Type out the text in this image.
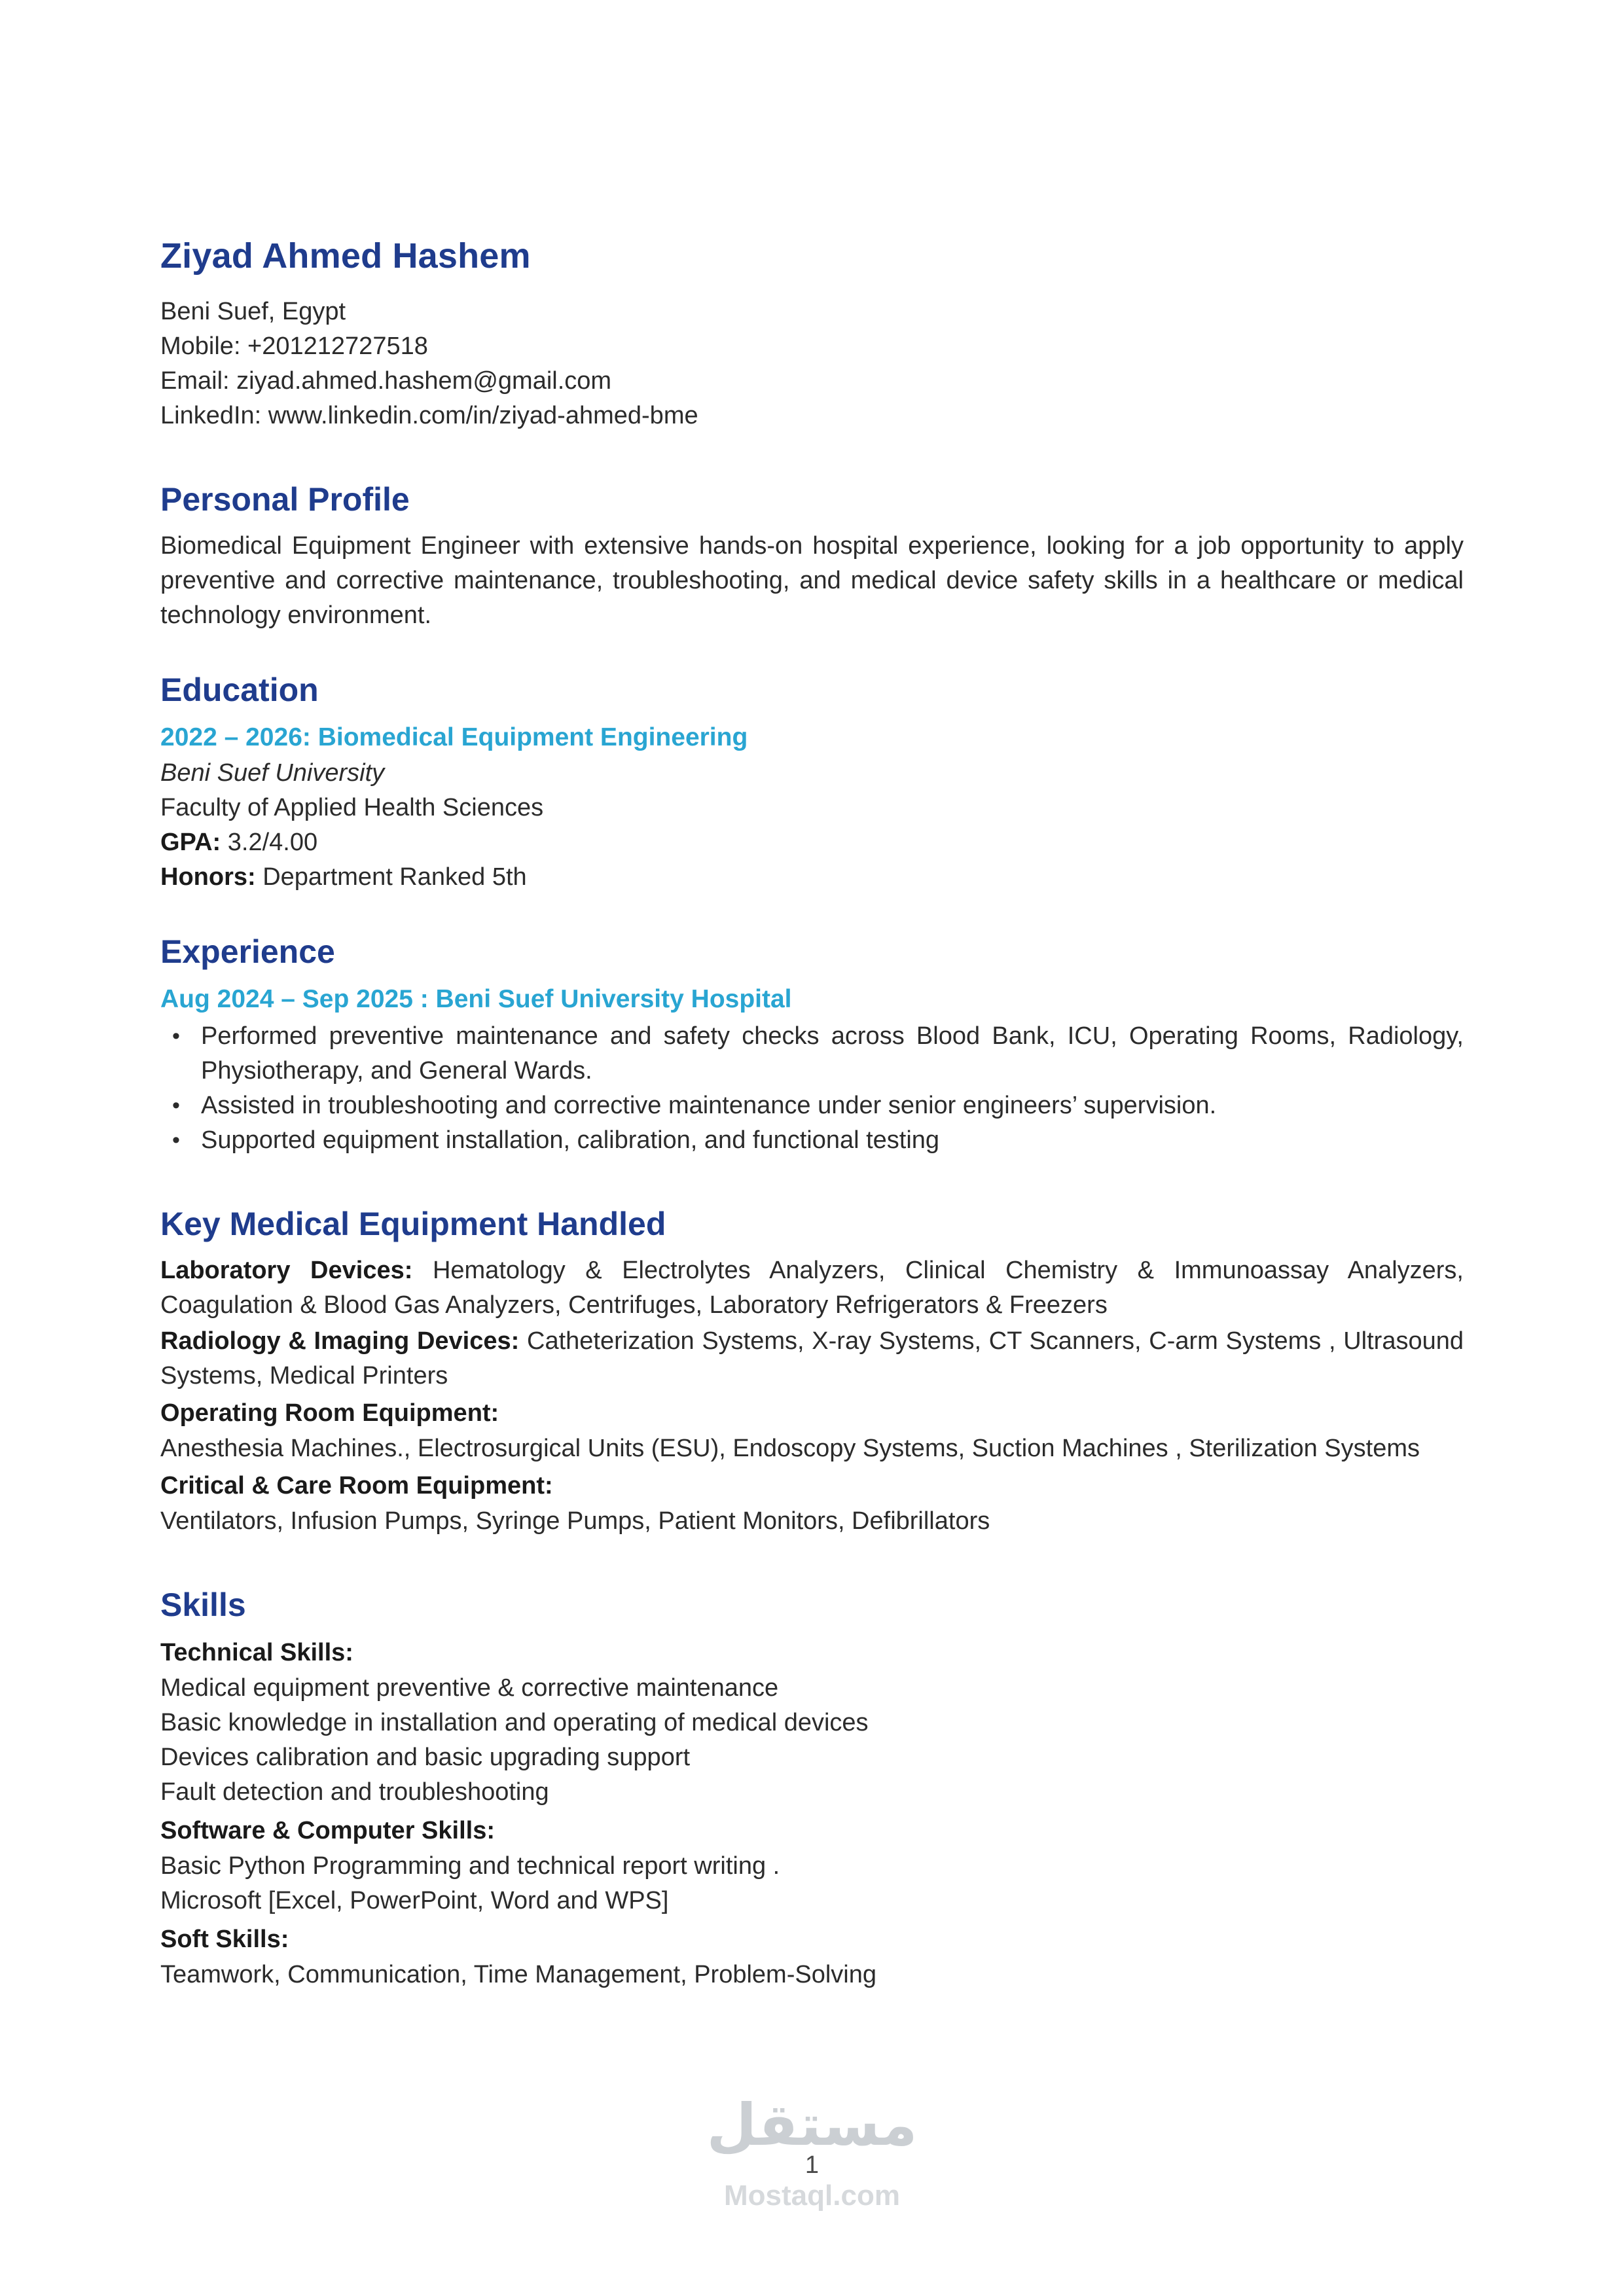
Ziyad Ahmed Hashem

Beni Suef, Egypt

Mobile: +201212727518

Email: ziyad.ahmed.hashem@gmail.com

LinkedIn: www.linkedin.com/in/ziyad-ahmed-bme

Personal Profile

Biomedical Equipment Engineer with extensive hands-on hospital experience, looking for a job opportunity to apply preventive and corrective maintenance, troubleshooting, and medical device safety skills in a healthcare or medical technology environment.

Education

2022 – 2026: Biomedical Equipment Engineering

Beni Suef University

Faculty of Applied Health Sciences

GPA: 3.2/4.00

Honors: Department Ranked 5th

Experience

Aug 2024 – Sep 2025 : Beni Suef University Hospital

• Performed preventive maintenance and safety checks across Blood Bank, ICU, Operating Rooms, Radiology, Physiotherapy, and General Wards.
• Assisted in troubleshooting and corrective maintenance under senior engineers’ supervision.
• Supported equipment installation, calibration, and functional testing
Key Medical Equipment Handled

Laboratory Devices: Hematology & Electrolytes Analyzers, Clinical Chemistry & Immunoassay Analyzers, Coagulation & Blood Gas Analyzers, Centrifuges, Laboratory Refrigerators & Freezers

Radiology & Imaging Devices: Catheterization Systems, X-ray Systems, CT Scanners, C-arm Systems , Ultrasound Systems, Medical Printers

Operating Room Equipment:

Anesthesia Machines., Electrosurgical Units (ESU), Endoscopy Systems, Suction Machines , Sterilization Systems

Critical & Care Room Equipment:

Ventilators, Infusion Pumps, Syringe Pumps, Patient Monitors, Defibrillators

Skills

Technical Skills:

Medical equipment preventive & corrective maintenance

Basic knowledge in installation and operating of medical devices

Devices calibration and basic upgrading support

Fault detection and troubleshooting

Software & Computer Skills:

Basic Python Programming and technical report writing .

Microsoft [Excel, PowerPoint, Word and WPS]

Soft Skills:

Teamwork, Communication, Time Management, Problem-Solving

مستقل
1
Mostaql.com
